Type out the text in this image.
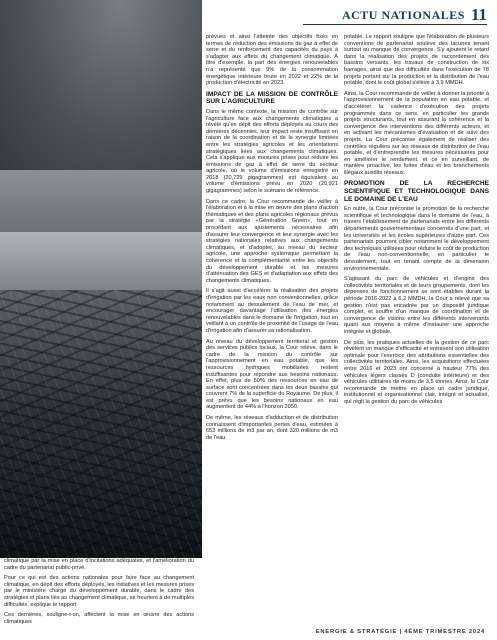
ACTU NATIONALES 11

climatique par la mise en place d'incitations adéquates, et l'amélioration du cadre du partenariat public-privé.

Pour ce qui est des actions nationales pour faire face au changement climatique, en dépit des efforts déployés, les initiatives et les mesures prises par le ministère chargé du développement durable, dans le cadre des stratégies et plans liés au changement climatique, se heurtent à de multiples difficultés, explique le rapport.

Ces dernières, souligne-t-on, affectent la mise en œuvre des actions climatiques

prévues et ainsi l'atteinte des objectifs fixés en termes de réduction des émissions de gaz à effet de serre et du renforcement des capacités du pays à s'adapter aux effets du changement climatique. À titre d'exemple, la part des énergies renouvelables n'a représenté que 9% de la consommation énergétique intérieure brute en 2022 et 22% de la production d'électricité en 2023.

IMPACT DE LA MISSION DE CONTRÔLE SUR L'AGRICULTURE

Dans le même contexte, la mission de contrôle sur l'agriculture face aux changements climatiques a révélé qu'en dépit des efforts déployés au cours des dernières décennies, leur impact reste insuffisant en raison de la coordination et de la synergie limitées entre les stratégies agricoles et les orientations stratégiques liées aux changements climatiques. Cela s'applique aux mesures prises pour réduire les émissions de gaz à effet de serre du secteur agricole, où le volume d'émissions enregistré en 2018 (20,729 gigagrammes) est équivalent au volume d'émissions prévu en 2020 (20,921 gigagrammes) selon le scénario de référence.

Dans ce cadre, la Cour recommande de veiller à l'élaboration et à la mise en œuvre des plans d'action thématiques et des plans agricoles régionaux prévus par la stratégie «Génération Green», tout en procédant aux ajustements nécessaires afin d'assurer leur convergence et leur synergie avec les stratégies nationales relatives aux changements climatiques, et d'adopter, au niveau du secteur agricole, une approche systémique permettant la cohérence et la complémentarité entre les objectifs du développement durable et les mesures d'atténuation des GES et d'adaptation aux effets des changements climatiques.

Il s'agit aussi d'accélérer la réalisation des projets d'irrigation par les eaux non conventionnelles, grâce notamment au dessalement de l'eau de mer, et encourager davantage l'utilisation des énergies renouvelables dans le domaine de l'irrigation, tout en veillant à un contrôle de proximité de l'usage de l'eau d'irrigation afin d'assurer sa rationalisation.

Au niveau du développement territorial et gestion des services publics locaux, la Cour relève, dans le cadre de la mission du contrôle sur l'approvisionnement en eau potable, que les ressources hydriques mobilisées restent insuffisantes pour répondre aux besoins nationaux. En effet, plus de 50% des ressources en eau de surface sont concentrées dans les deux bassins qui couvrent 7% de la superficie du Royaume. De plus, il est prévu que les besoins nationaux en eau augmentent de 44% à l'horizon 2050.

De même, les réseaux d'adduction et de distribution connaissent d'importantes pertes d'eau, estimées à 653 millions de m3 par an, dont 320 millions de m3 de l'eau

potable. Le rapport souligne que l'élaboration de plusieurs conventions de partenariat soulève des lacunes tenant surtout au manque de convergence. S'y ajoutent le retard dans la réalisation des projets de raccordement des bassins versants, les travaux de construction de six barrages, ainsi que des difficultés dans l'exécution de 78 projets portant sur la production et la distribution de l'eau potable, dont le coût global s'élève à 3,9 MMDH.

Ainsi, la Cour recommande de veiller à donner la priorité à l'approvisionnement de la population en eau potable, et d'accélérer la cadence d'exécution des projets programmés dans ce sens, en particulier les grands projets structurants, tout en assurant la cohérence et la convergence des interventions des différents acteurs, et en activant les mécanismes d'évaluation et de suivi des projets. La Cour préconise également de réaliser des contrôles réguliers sur les réseaux de distribution de l'eau potable, et d'entreprendre les mesures nécessaires pour en améliorer le rendement, et ce en surveillant, de manière proactive, les fuites d'eau et les branchements illégaux auxdits réseaux.

PROMOTION DE LA RECHERCHE SCIENTIFIQUE ET TECHNOLOGIQUE DANS LE DOMAINE DE L'EAU

En outre, la Cour préconise la promotion de la recherche scientifique et technologique dans le domaine de l'eau, à travers l'établissement de partenariats entre les différents départements gouvernementaux concernés d'une part, et les universités et les écoles supérieures d'autre part. Ces partenariats pourront cibler notamment le développement des techniques utilisées pour réduire le coût de production de l'eau non-conventionnelle, en particulier le dessalement, tout en tenant compte de la dimension environnementale.

S'agissant du parc de véhicules et d'engins des collectivités territoriales et de leurs groupements, dont les dépenses de fonctionnement se sont établies durant la période 2016-2022 à 6,2 MMDH, la Cour a relevé que sa gestion n'est pas encadrée par un dispositif juridique complet, et souffre d'un manque de coordination et de convergence de visions entre les différents intervenants quant aux moyens à même d'instaurer une approche intégrée et globale.

De plus, les pratiques actuelles de la gestion de ce parc révèlent un manque d'efficacité et entravent son utilisation optimale pour l'exercice des attributions essentielles des collectivités territoriales. Ainsi, les acquisitions effectuées entre 2016 et 2023 ont concerné à hauteur 77% des véhicules légers classés D (conduite intérieure) et des véhicules utilitaires de moins de 3,5 tonnes. Ainsi, la Cour recommande de mettre en place un cadre juridique, institutionnel et organisationnel clair, intégré et actualisé, qui régit la gestion du parc de véhicules

ENERGIE & STRATÉGIE | 4ÈME TRIMESTRE 2024
